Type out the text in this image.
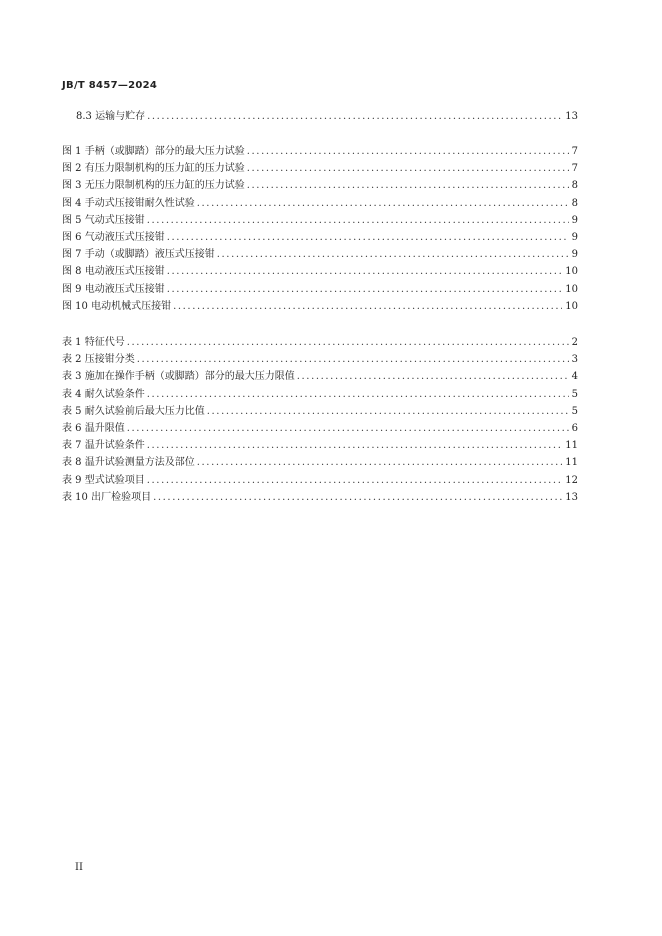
JB/T 8457—2024
8.3 运输与贮存 .....	13
图 1 手柄（或脚踏）部分的最大压力试验 .....	7
图 2 有压力限制机构的压力缸的压力试验 .....	7
图 3 无压力限制机构的压力缸的压力试验 .....	8
图 4 手动式压接钳耐久性试验 .....	8
图 5 气动式压接钳 .....	9
图 6 气动液压式压接钳 .....	9
图 7 手动（或脚踏）液压式压接钳 .....	9
图 8 电动液压式压接钳 .....	10
图 9 电动液压式压接钳 .....	10
图 10 电动机械式压接钳 .....	10
表 1 特征代号 .....	2
表 2 压接钳分类 .....	3
表 3 施加在操作手柄（或脚踏）部分的最大压力限值 .....	4
表 4 耐久试验条件 .....	5
表 5 耐久试验前后最大压力比值 .....	5
表 6 温升限值 .....	6
表 7 温升试验条件 .....	11
表 8 温升试验测量方法及部位 .....	11
表 9 型式试验项目 .....	12
表 10 出厂检验项目 .....	13
II
